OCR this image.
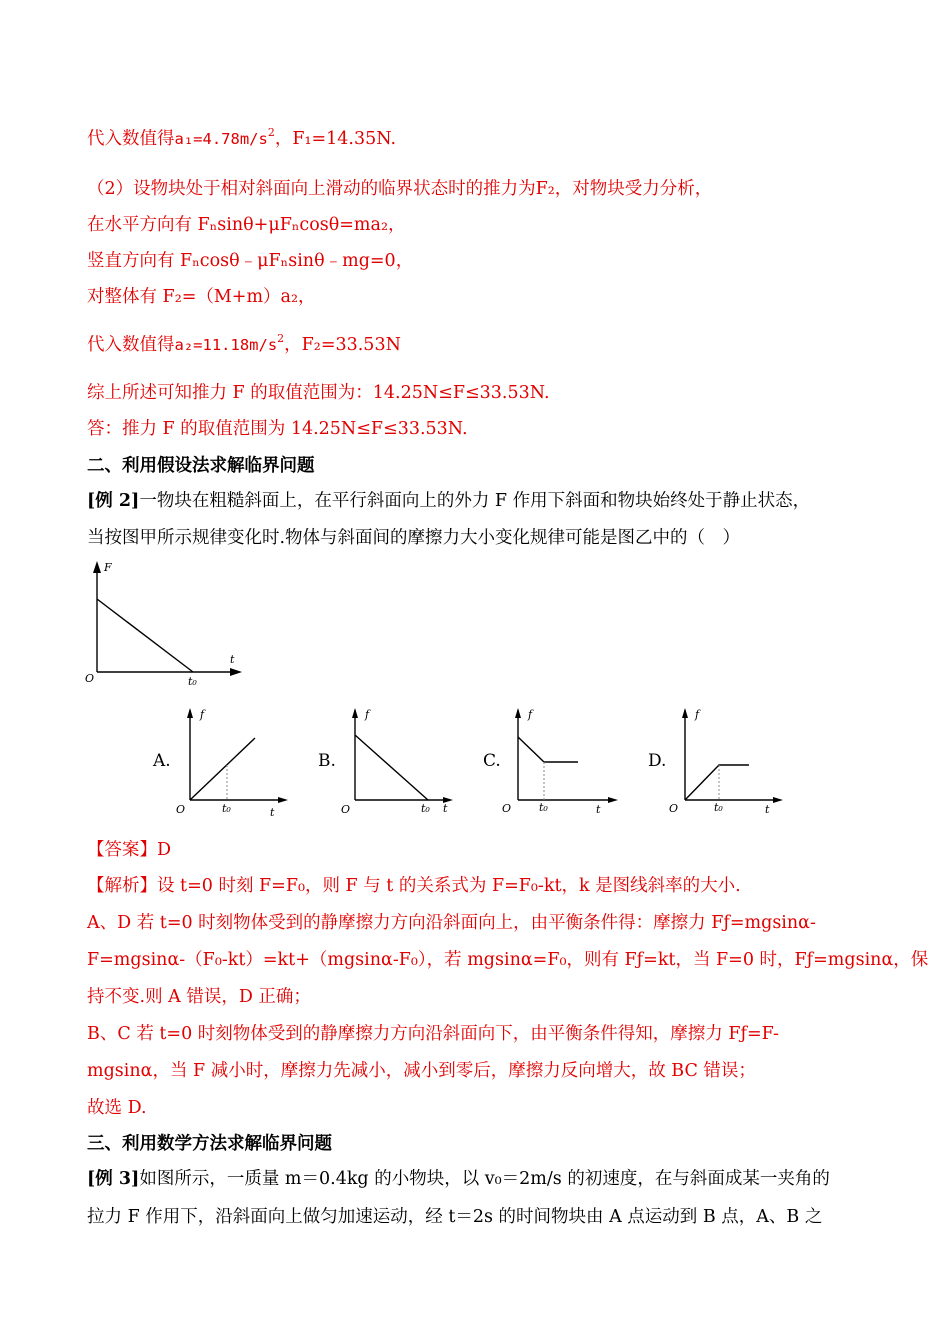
代入数值得$a_1=4.78m/s^2$，F₁=14.35N.
（2）设物块处于相对斜面向上滑动的临界状态时的推力为F₂，对物块受力分析，
在水平方向有 Fₙsinθ+μFₙcosθ=ma₂，
竖直方向有 Fₙcosθ﹣μFₙsinθ﹣mg=0，
对整体有 F₂=（M+m）a₂，
代入数值得$a_2=11.18m/s^2$，F₂=33.53N
综上所述可知推力 F 的取值范围为：14.25N≤F≤33.53N.
答：推力 F 的取值范围为 14.25N≤F≤33.53N.
二、利用假设法求解临界问题
[例 2]一物块在粗糙斜面上，在平行斜面向上的外力 F 作用下斜面和物块始终处于静止状态，
当按图甲所示规律变化时.物体与斜面间的摩擦力大小变化规律可能是图乙中的（　）
F
t
O	t₀
A.
f
t
O	t₀
B.
f
t
O	t₀
C.
f
t
O	t₀
D.
f
t
O	t₀
【答案】D
【解析】设 t=0 时刻 F=F₀，则 F 与 t 的关系式为 F=F₀-kt，k 是图线斜率的大小.
A、D 若 t=0 时刻物体受到的静摩擦力方向沿斜面向上，由平衡条件得：摩擦力 Fƒ=mgsinα-
F=mgsinα-（F₀-kt）=kt+（mgsinα-F₀），若 mgsinα=F₀，则有 Fƒ=kt，当 F=0 时，Fƒ=mgsinα，保
持不变.则 A 错误，D 正确；
B、C 若 t=0 时刻物体受到的静摩擦力方向沿斜面向下，由平衡条件得知，摩擦力 Fƒ=F-
mgsinα，当 F 减小时，摩擦力先减小，减小到零后，摩擦力反向增大，故 BC 错误；
故选 D.
三、利用数学方法求解临界问题
[例 3]如图所示，一质量 m＝0.4kg 的小物块，以 v₀＝2m/s 的初速度，在与斜面成某一夹角的
拉力 F 作用下，沿斜面向上做匀加速运动，经 t＝2s 的时间物块由 A 点运动到 B 点，A、B 之
